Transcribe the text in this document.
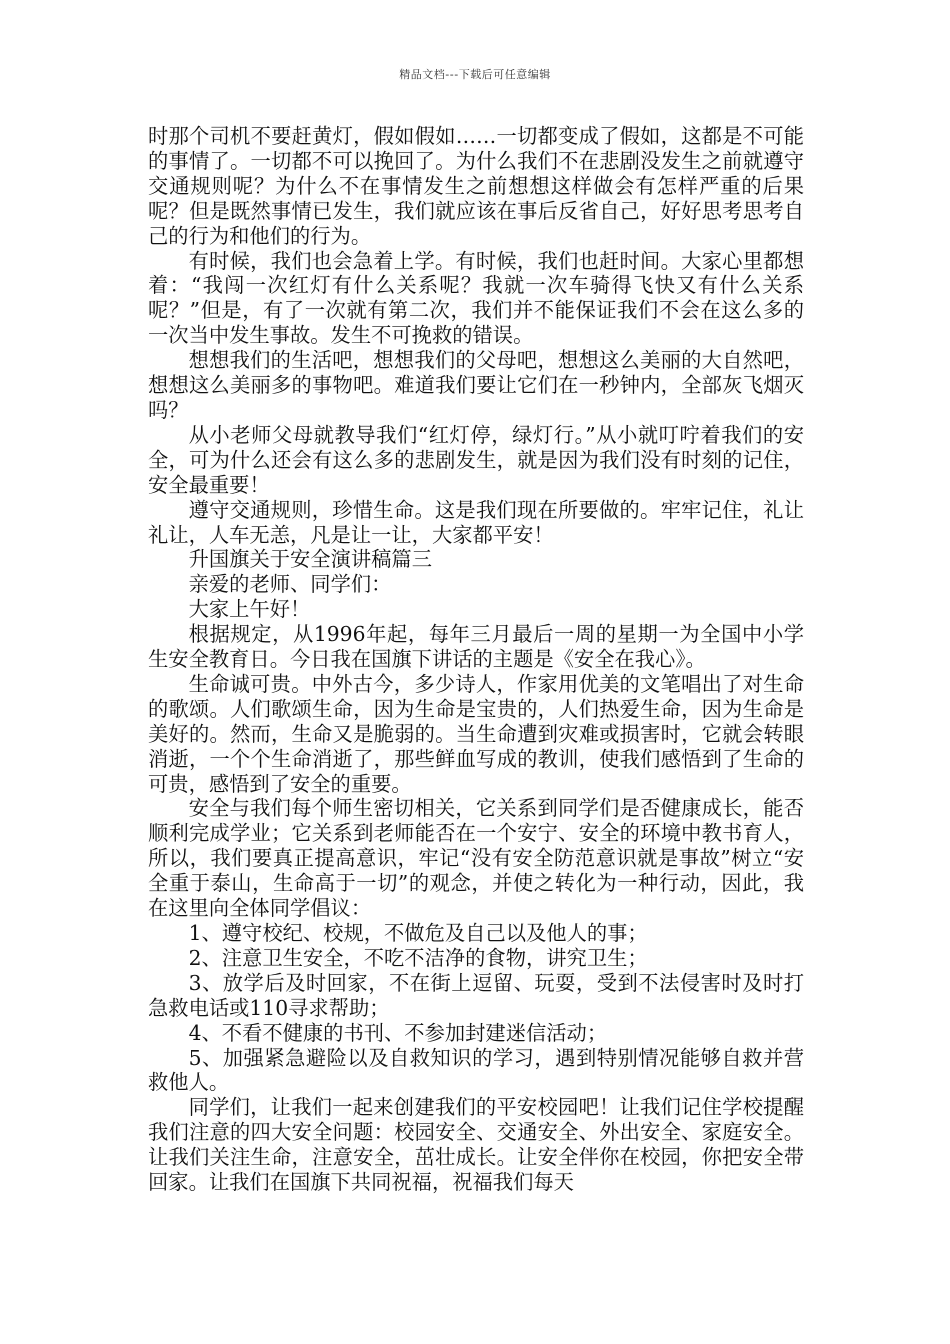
精品文档---下载后可任意编辑

时那个司机不要赶黄灯，假如假如……一切都变成了假如，这都是不可能的事情了。一切都不可以挽回了。为什么我们不在悲剧没发生之前就遵守交通规则呢？为什么不在事情发生之前想想这样做会有怎样严重的后果呢？但是既然事情已发生，我们就应该在事后反省自己，好好思考思考自己的行为和他们的行为。

有时候，我们也会急着上学。有时候，我们也赶时间。大家心里都想着：“我闯一次红灯有什么关系呢？我就一次车骑得飞快又有什么关系呢？”但是，有了一次就有第二次，我们并不能保证我们不会在这么多的一次当中发生事故。发生不可挽救的错误。

想想我们的生活吧，想想我们的父母吧，想想这么美丽的大自然吧，想想这么美丽多的事物吧。难道我们要让它们在一秒钟内，全部灰飞烟灭吗？

从小老师父母就教导我们“红灯停，绿灯行。”从小就叮咛着我们的安全，可为什么还会有这么多的悲剧发生，就是因为我们没有时刻的记住，安全最重要！

遵守交通规则，珍惜生命。这是我们现在所要做的。牢牢记住，礼让礼让，人车无恙，凡是让一让，大家都平安！

升国旗关于安全演讲稿篇三

亲爱的老师、同学们：

大家上午好！

根据规定，从1996年起，每年三月最后一周的星期一为全国中小学生安全教育日。今日我在国旗下讲话的主题是《安全在我心》。

生命诚可贵。中外古今，多少诗人，作家用优美的文笔唱出了对生命的歌颂。人们歌颂生命，因为生命是宝贵的，人们热爱生命，因为生命是美好的。然而，生命又是脆弱的。当生命遭到灾难或损害时，它就会转眼消逝，一个个生命消逝了，那些鲜血写成的教训，使我们感悟到了生命的可贵，感悟到了安全的重要。

安全与我们每个师生密切相关，它关系到同学们是否健康成长，能否顺利完成学业；它关系到老师能否在一个安宁、安全的环境中教书育人，所以，我们要真正提高意识，牢记“没有安全防范意识就是事故”树立“安全重于泰山，生命高于一切”的观念，并使之转化为一种行动，因此，我在这里向全体同学倡议：

1、遵守校纪、校规，不做危及自己以及他人的事；

2、注意卫生安全，不吃不洁净的食物，讲究卫生；

3、放学后及时回家，不在街上逗留、玩耍，受到不法侵害时及时打急救电话或110寻求帮助；

4、不看不健康的书刊、不参加封建迷信活动；

5、加强紧急避险以及自救知识的学习，遇到特别情况能够自救并营救他人。

同学们，让我们一起来创建我们的平安校园吧！让我们记住学校提醒我们注意的四大安全问题：校园安全、交通安全、外出安全、家庭安全。让我们关注生命，注意安全，茁壮成长。让安全伴你在校园，你把安全带回家。让我们在国旗下共同祝福，祝福我们每天
